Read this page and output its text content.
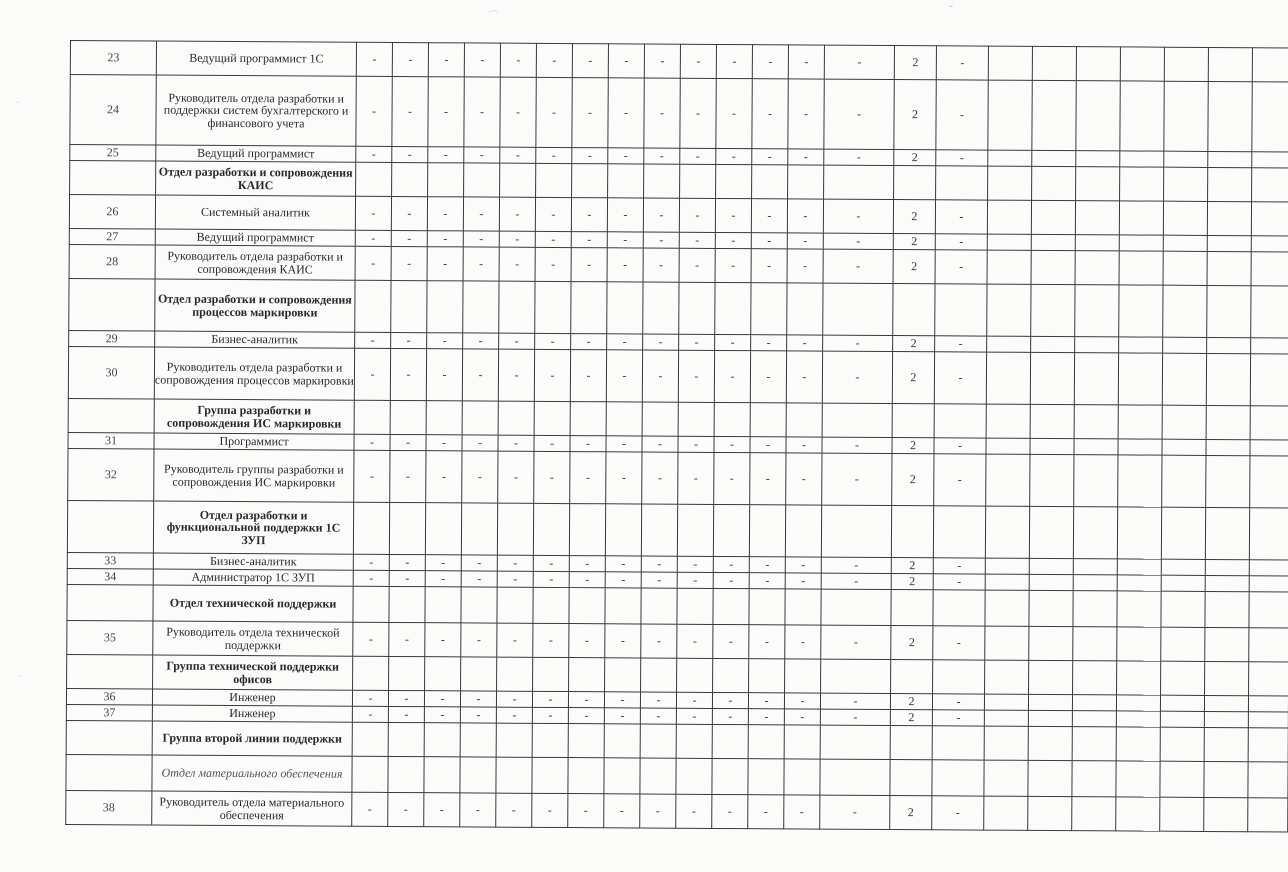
⌒	˜
·
·
23	Ведущий программист 1С	-	-	-	-	-	-	-	-	-	-	-	-	-	-	2	-							
24	Руководитель отдела разработки и поддержки систем бухгалтерского и финансового учета	-	-	-	-	-	-	-	-	-	-	-	-	-	-	2	-							
25	Ведущий программист	-	-	-	-	-	-	-	-	-	-	-	-	-	-	2	-							
	Отдел разработки и сопровождения КАИС																							
26	Системный аналитик	-	-	-	-	-	-	-	-	-	-	-	-	-	-	2	-							
27	Ведущий программист	-	-	-	-	-	-	-	-	-	-	-	-	-	-	2	-							
28	Руководитель отдела разработки и сопровождения КАИС	-	-	-	-	-	-	-	-	-	-	-	-	-	-	2	-							
	Отдел разработки и сопровождения процессов маркировки																							
29	Бизнес-аналитик	-	-	-	-	-	-	-	-	-	-	-	-	-	-	2	-							
30	Руководитель отдела разработки и сопровождения процессов маркировки	-	-	-	-	-	-	-	-	-	-	-	-	-	-	2	-							
	Группа разработки и сопровождения ИС маркировки																							
31	Программист	-	-	-	-	-	-	-	-	-	-	-	-	-	-	2	-							
32	Руководитель группы разработки и сопровождения ИС маркировки	-	-	-	-	-	-	-	-	-	-	-	-	-	-	2	-							
	Отдел разработки и функциональной поддержки 1С ЗУП																							
33	Бизнес-аналитик	-	-	-	-	-	-	-	-	-	-	-	-	-	-	2	-							
34	Администратор 1С ЗУП	-	-	-	-	-	-	-	-	-	-	-	-	-	-	2	-							
	Отдел технической поддержки																							
35	Руководитель отдела технической поддержки	-	-	-	-	-	-	-	-	-	-	-	-	-	-	2	-							
	Группа технической поддержки офисов																							
36	Инженер	-	-	-	-	-	-	-	-	-	-	-	-	-	-	2	-							
37	Инженер	-	-	-	-	-	-	-	-	-	-	-	-	-	-	2	-							
	Группа второй линии поддержки																							
	Отдел материального обеспечения																							
38	Руководитель отдела материального обеспечения	-	-	-	-	-	-	-	-	-	-	-	-	-	-	2	-							
